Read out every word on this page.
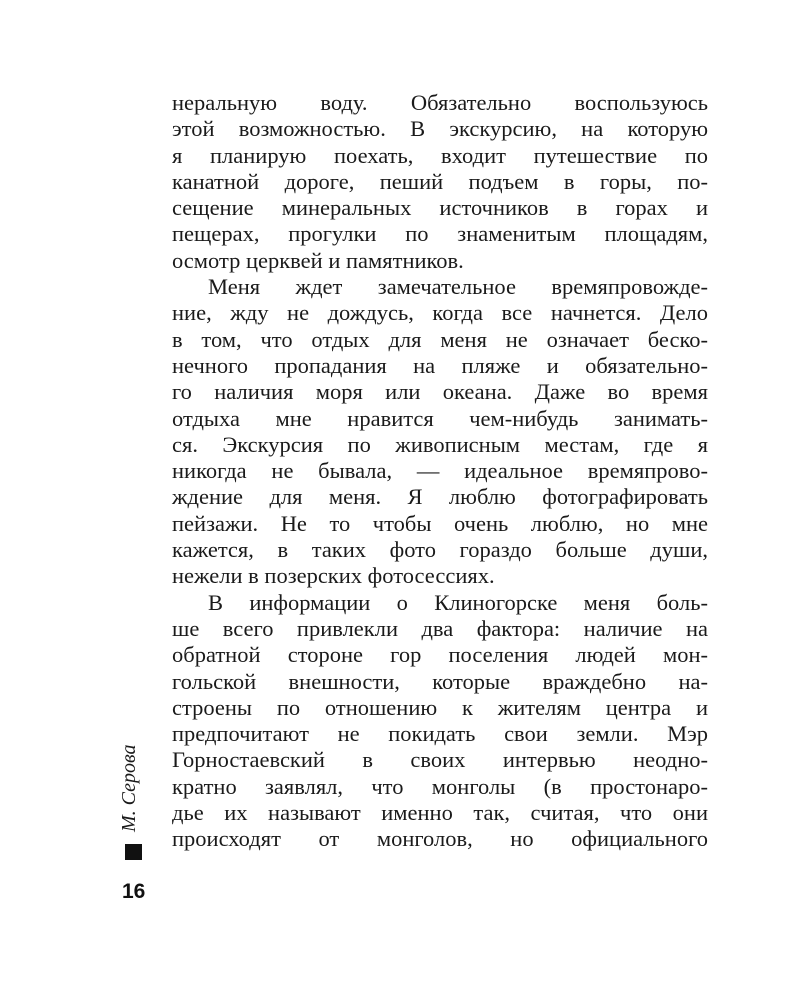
неральную воду. Обязательно воспользуюсь
этой возможностью. В экскурсию, на которую
я планирую поехать, входит путешествие по
канатной дороге, пеший подъем в горы, по-
сещение минеральных источников в горах и
пещерах, прогулки по знаменитым площадям,
осмотр церквей и памятников.
Меня ждет замечательное времяпровожде-
ние, жду не дождусь, когда все начнется. Дело
в том, что отдых для меня не означает беско-
нечного пропадания на пляже и обязательно-
го наличия моря или океана. Даже во время
отдыха мне нравится чем-нибудь занимать-
ся. Экскурсия по живописным местам, где я
никогда не бывала, — идеальное времяпрово-
ждение для меня. Я люблю фотографировать
пейзажи. Не то чтобы очень люблю, но мне
кажется, в таких фото гораздо больше души,
нежели в позерских фотосессиях.
В информации о Клиногорске меня боль-
ше всего привлекли два фактора: наличие на
обратной стороне гор поселения людей мон-
гольской внешности, которые враждебно на-
строены по отношению к жителям центра и
предпочитают не покидать свои земли. Мэр
Горностаевский в своих интервью неодно-
кратно заявлял, что монголы (в простонаро-
дье их называют именно так, считая, что они
происходят от монголов, но официального
М. Серова
16
